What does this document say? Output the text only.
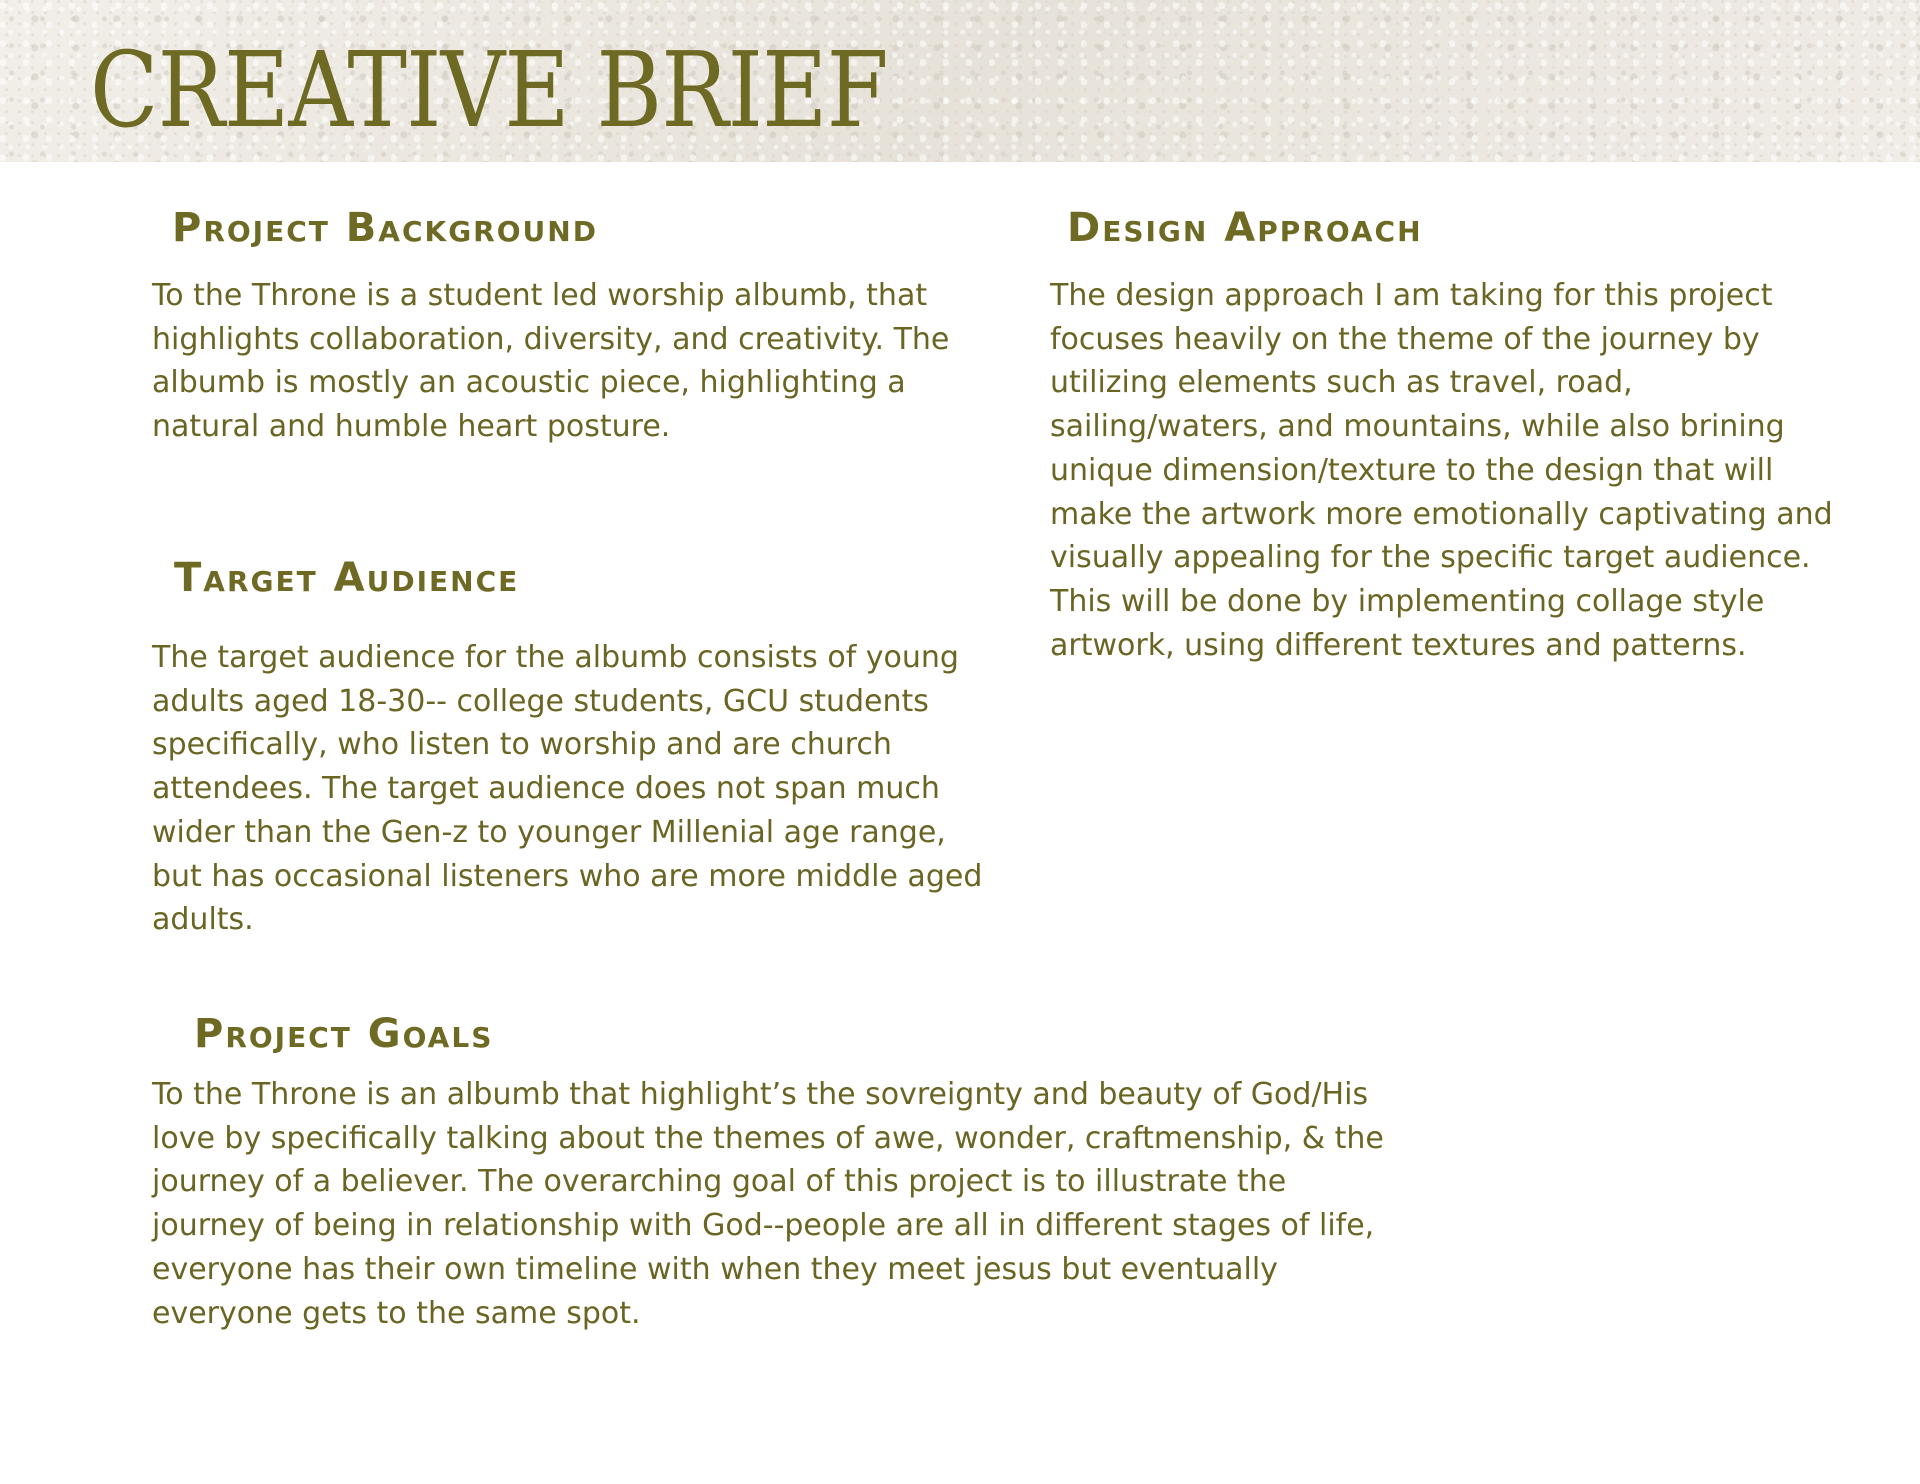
CREATIVE BRIEF
Project Background

To the Throne is a student led worship albumb, that highlights collaboration, diversity, and creativity. The albumb is mostly an acoustic piece, highlighting a natural and humble heart posture.

Design Approach

The design approach I am taking for this project focuses heavily on the theme of the journey by utilizing elements such as travel, road, sailing/waters, and mountains, while also brining unique dimension/texture to the design that will make the artwork more emotionally captivating and visually appealing for the specific target audience. This will be done by implementing collage style artwork, using different textures and patterns.

Target Audience

The target audience for the albumb consists of young adults aged 18-30-- college students, GCU students specifically, who listen to worship and are church attendees. The target audience does not span much wider than the Gen-z to younger Millenial age range, but has occasional listeners who are more middle aged adults.

Project Goals

To the Throne is an albumb that highlight’s the sovreignty and beauty of God/His love by specifically talking about the themes of awe, wonder, craftmenship, & the journey of a believer. The overarching goal of this project is to illustrate the journey of being in relationship with God--people are all in different stages of life, everyone has their own timeline with when they meet jesus but eventually everyone gets to the same spot.
